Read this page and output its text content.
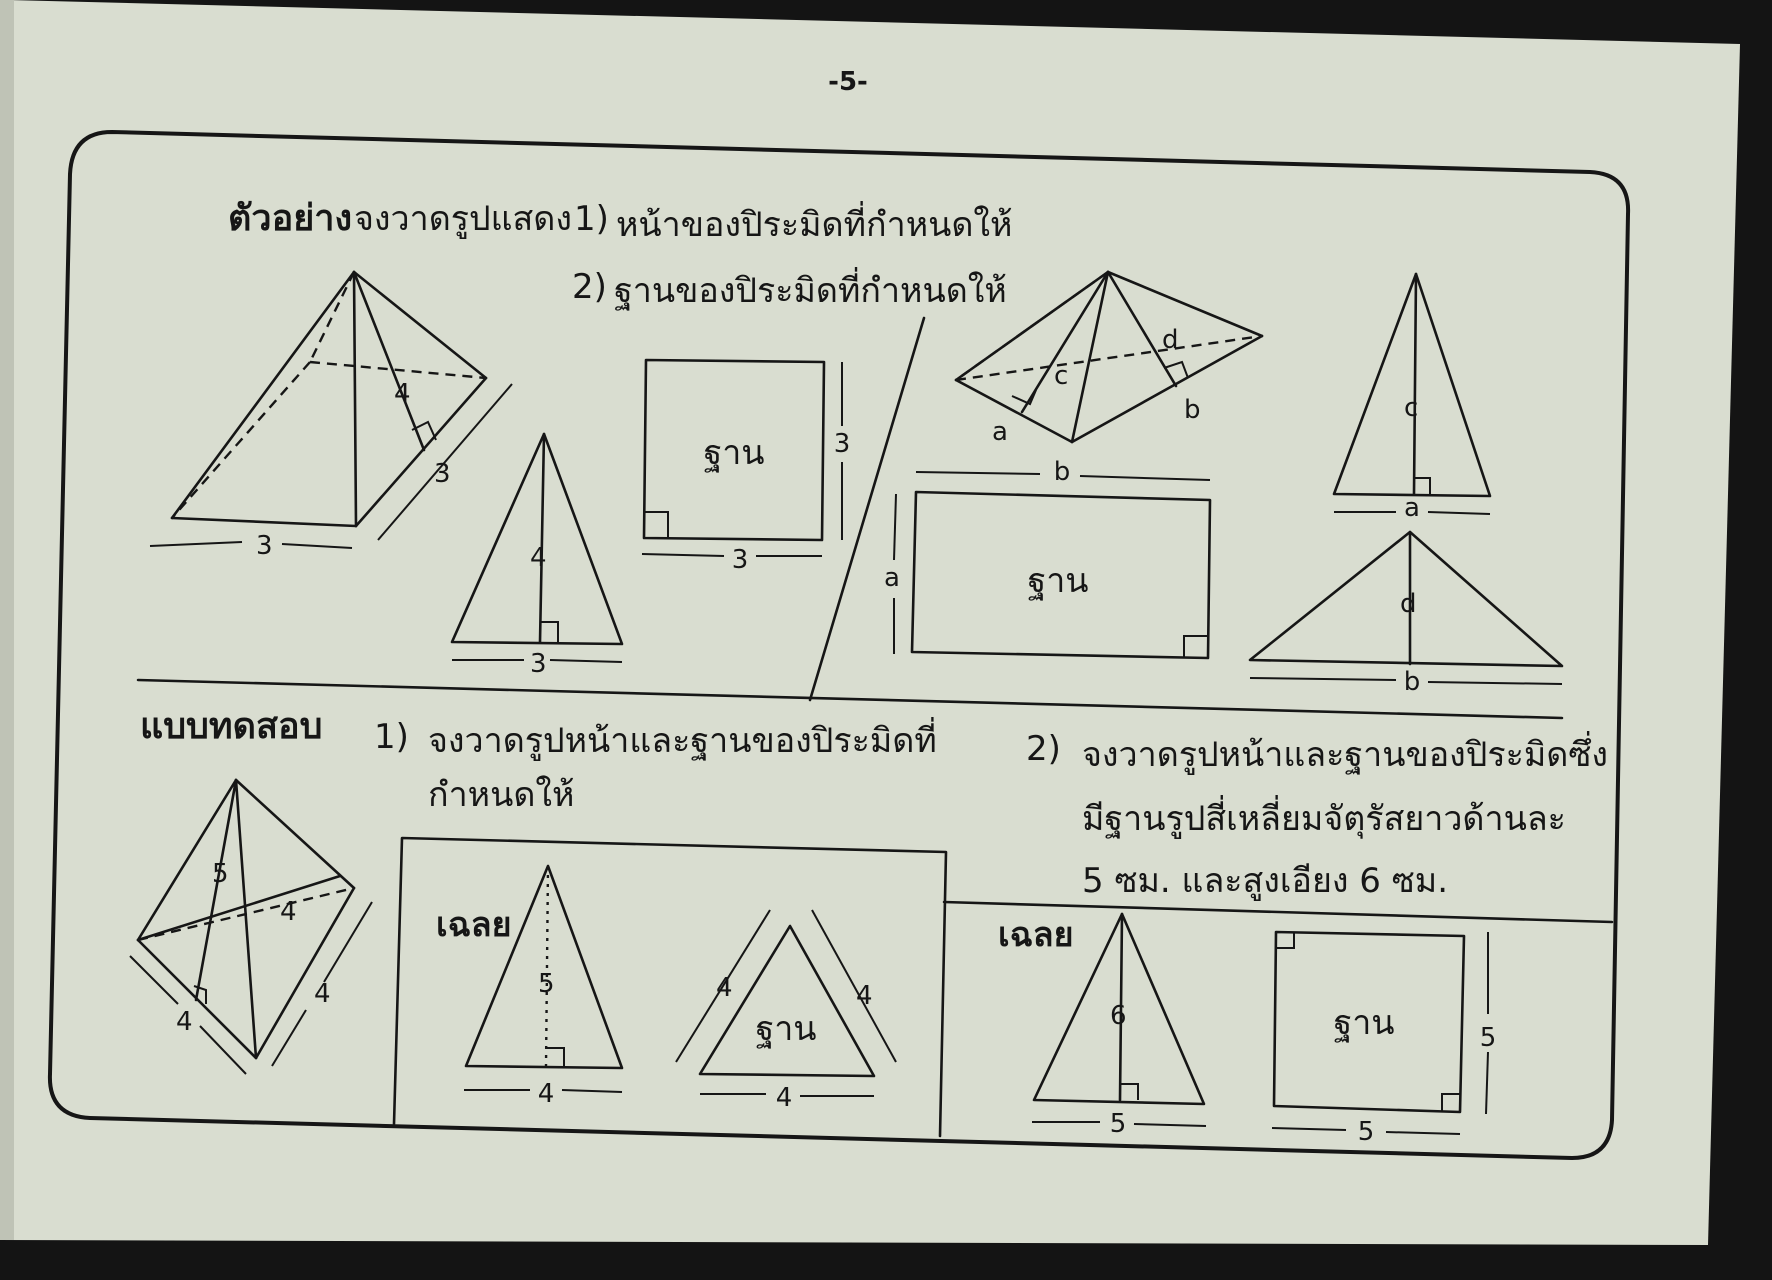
-5-
ตัวอย่าง จงวาดรูปแสดง 1) หน้าของปิระมิดที่กำหนดให้
2) ฐานของปิระมิดที่กำหนดให้
4
3
3	4
3
ฐาน	3
3
c
d
a
b
ฐาน
b
a
c
a
d
b
แบบทดสอบ 1) จงวาดรูปหน้าและฐานของปิระมิดที่
กำหนดให้
2) จงวาดรูปหน้าและฐานของปิระมิดซึ่ง
มีฐานรูปสี่เหลี่ยมจัตุรัสยาวด้านละ
5 ซม. และสูงเอียง 6 ซม.
5
4
4
4
เฉลย
5
4
ฐาน
4	4
4
เฉลย
6
5
ฐาน	5
5
